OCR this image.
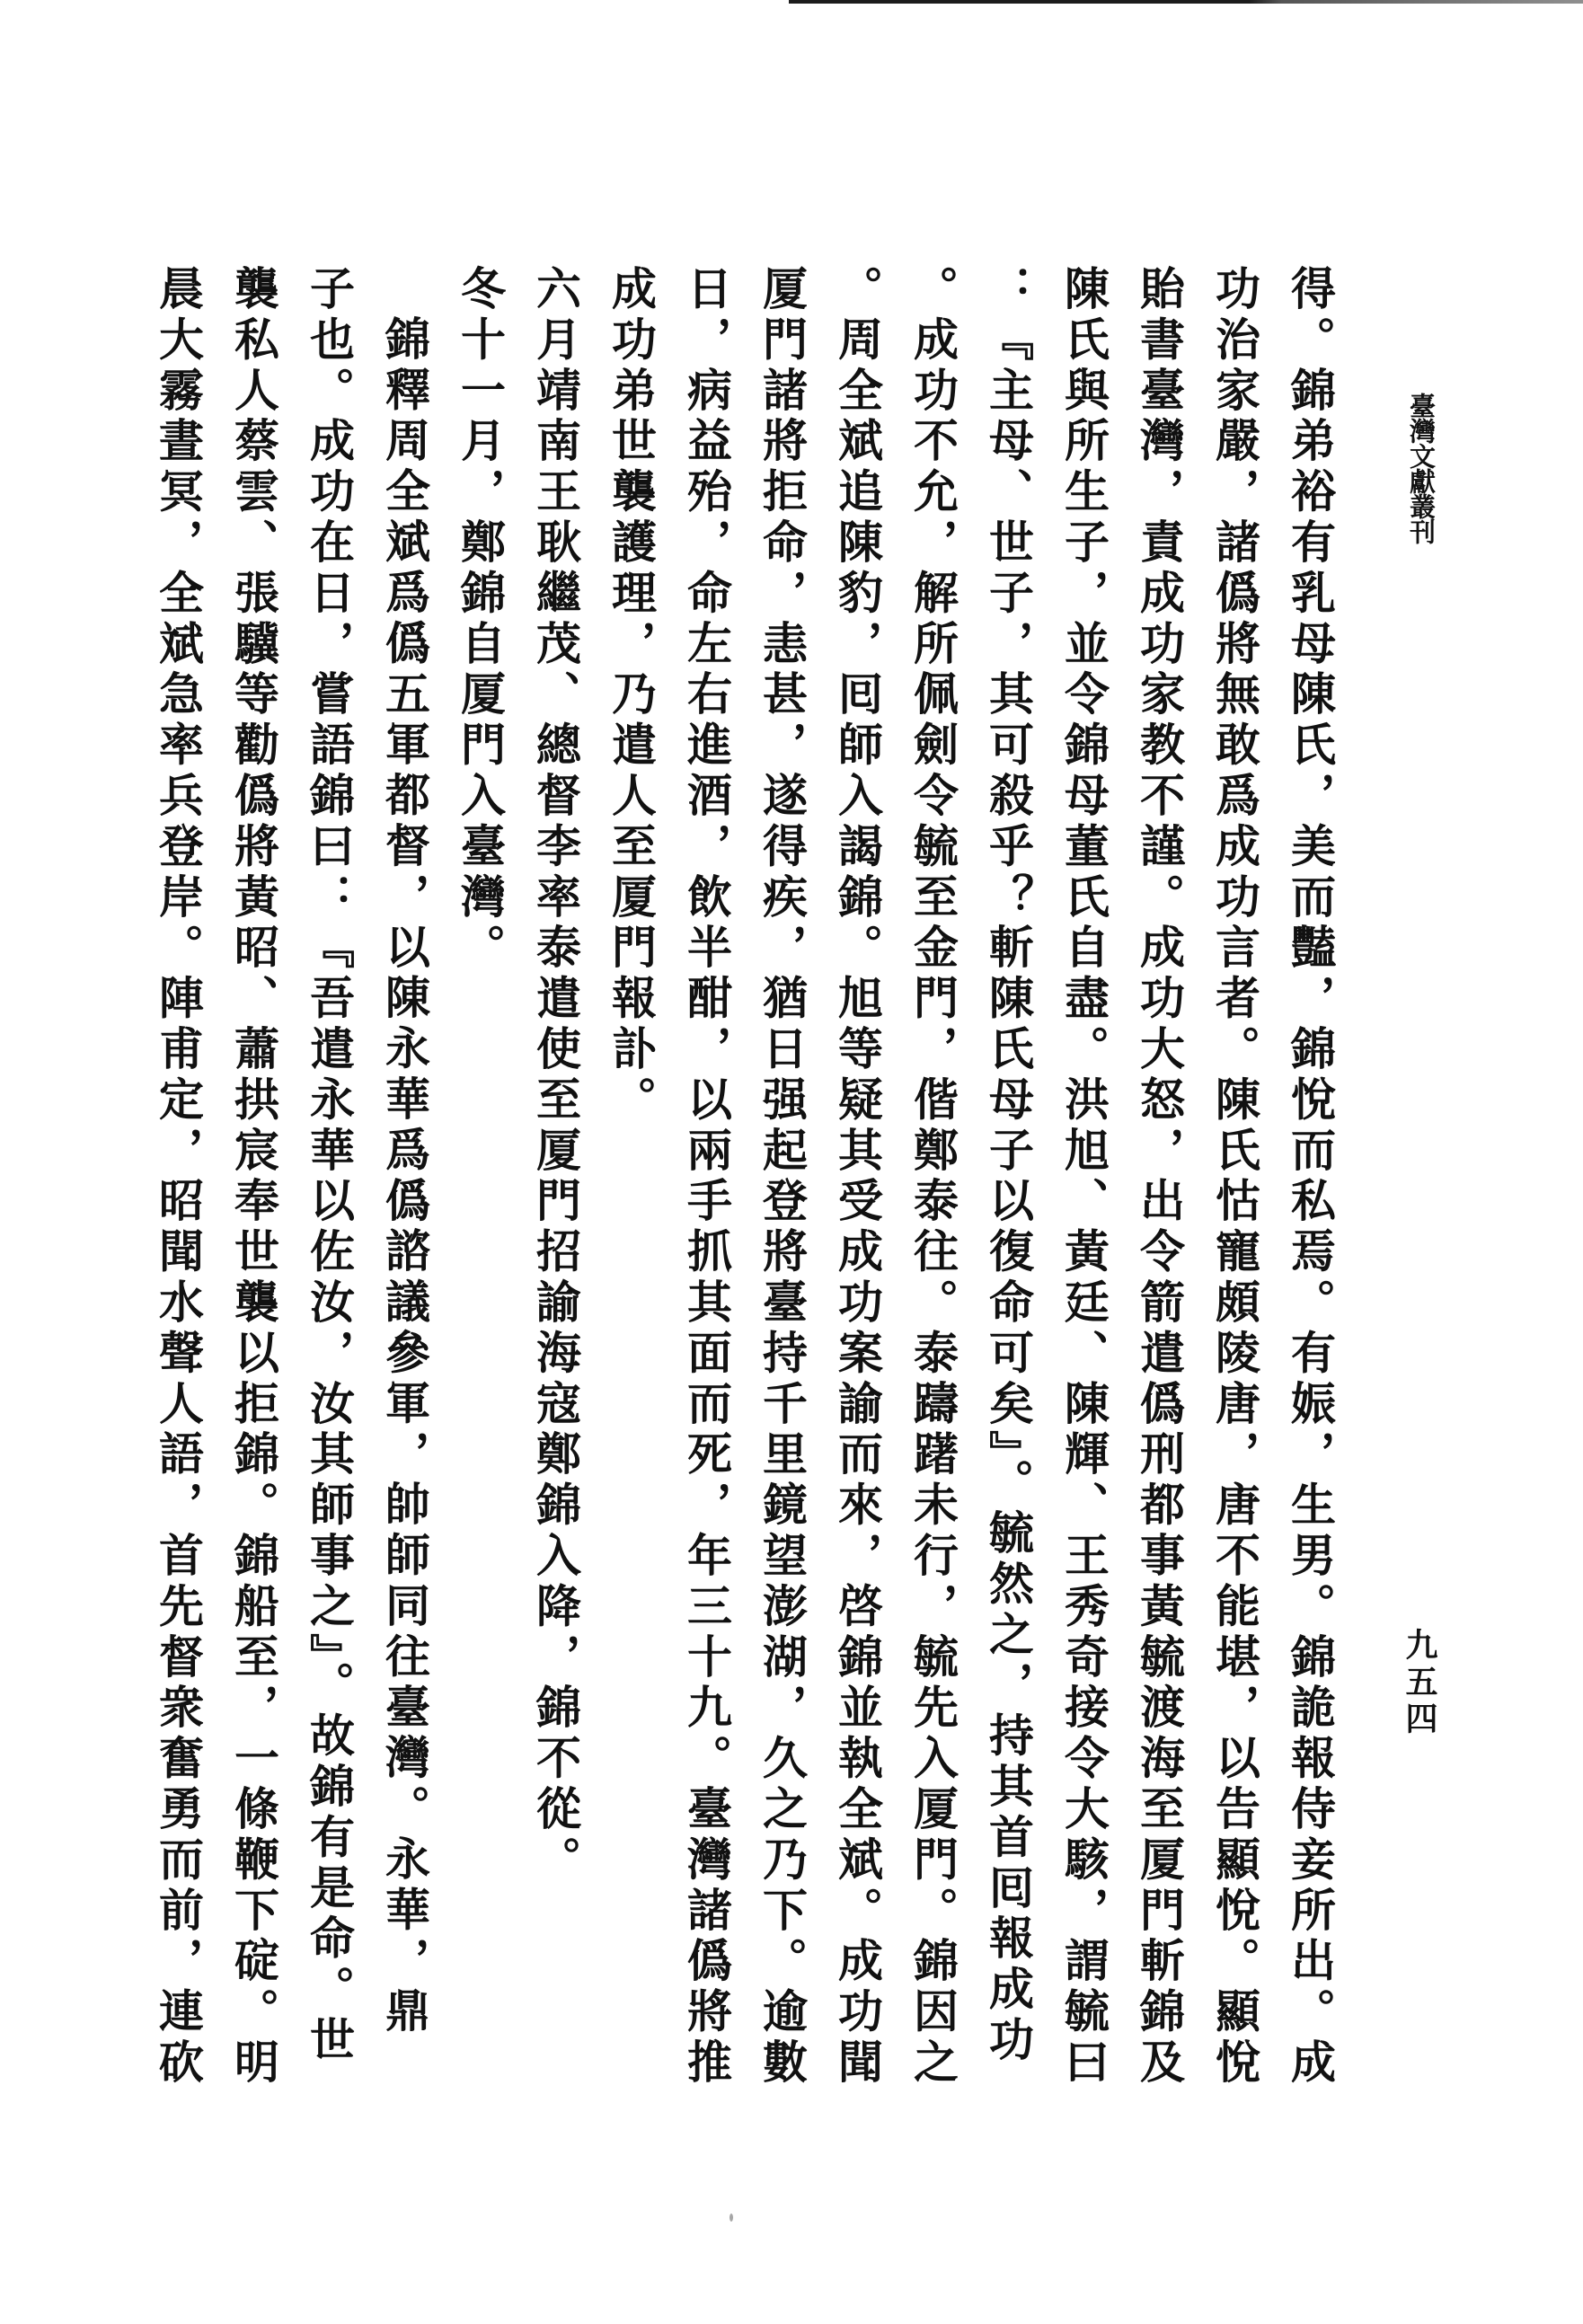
得。錦弟裕有乳母陳氏，美而豔，錦悅而私焉。有娠，生男。錦詭報侍妾所出。成
功治家嚴，諸僞將無敢爲成功言者。陳氏怙寵頗陵唐，唐不能堪，以告顯悅。顯悅
貽書臺灣，責成功家教不謹。成功大怒，出令箭遣僞刑都事黃毓渡海至厦門斬錦及
陳氏與所生子，並令錦母董氏自盡。洪旭、黃廷、陳輝、王秀奇接令大駭，謂毓曰
：『主母、世子，其可殺乎？斬陳氏母子以復命可矣』。毓然之，持其首囘報成功
。成功不允，解所佩劍令毓至金門，偕鄭泰往。泰躊躇未行，毓先入厦門。錦因之
。周全斌追陳豹，囘師入謁錦。旭等疑其受成功案諭而來，啓錦並執全斌。成功聞
厦門諸將拒命，恚甚，遂得疾，猶日强起登將臺持千里鏡望澎湖，久之乃下。逾數
日，病益殆，命左右進酒，飲半酣，以兩手抓其面而死，年三十九。臺灣諸僞將推
成功弟世襲護理，乃遣人至厦門報訃。
六月靖南王耿繼茂、總督李率泰遣使至厦門招諭海寇鄭錦入降，錦不從。
冬十一月，鄭錦自厦門入臺灣。
錦釋周全斌爲僞五軍都督，以陳永華爲僞諮議參軍，帥師同往臺灣。永華，鼎
子也。成功在日，嘗語錦曰：『吾遣永華以佐汝，汝其師事之』。故錦有是命。世
襲私人蔡雲、張驥等勸僞將黃昭、蕭拱宸奉世襲以拒錦。錦船至，一條鞭下碇。明
晨大霧晝冥，全斌急率兵登岸。陣甫定，昭聞水聲人語，首先督衆奮勇而前，連砍	臺灣文獻叢刊
九五四
